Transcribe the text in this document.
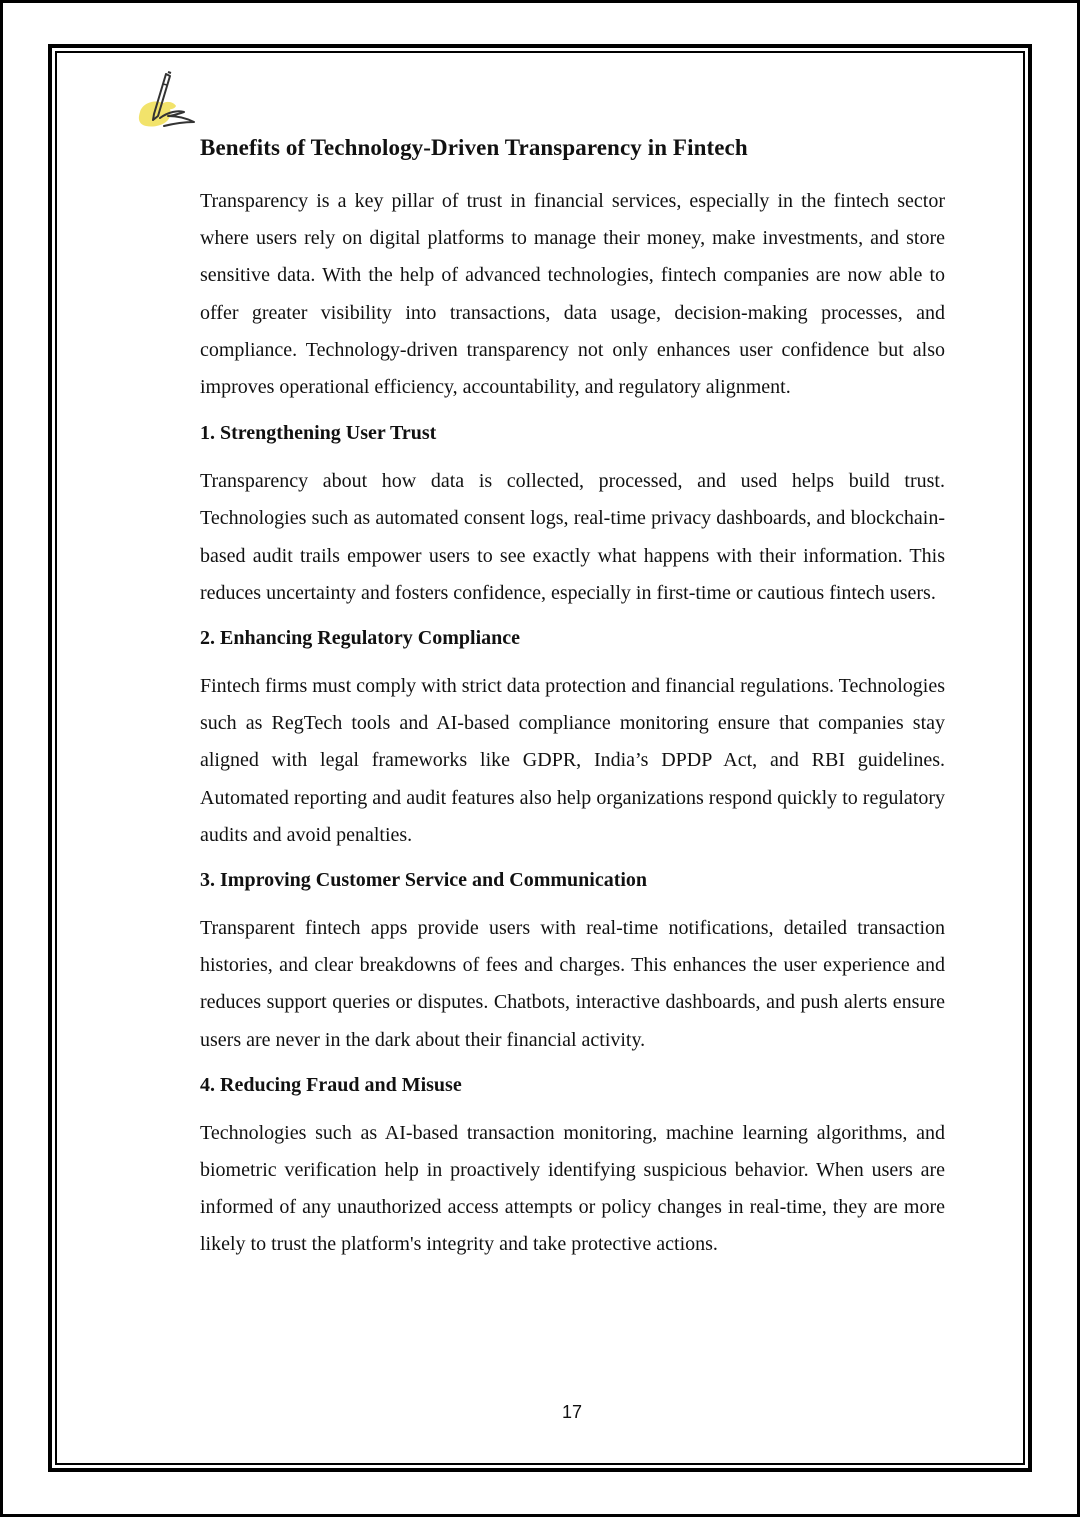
Benefits of Technology-Driven Transparency in Fintech

Transparency is a key pillar of trust in financial services, especially in the fintech sector where users rely on digital platforms to manage their money, make investments, and store sensitive data. With the help of advanced technologies, fintech companies are now able to offer greater visibility into transactions, data usage, decision-making processes, and compliance. Technology-driven transparency not only enhances user confidence but also improves operational efficiency, accountability, and regulatory alignment.

1. Strengthening User Trust

Transparency about how data is collected, processed, and used helps build trust. Technologies such as automated consent logs, real-time privacy dashboards, and blockchain-based audit trails empower users to see exactly what happens with their information. This reduces uncertainty and fosters confidence, especially in first-time or cautious fintech users.

2. Enhancing Regulatory Compliance

Fintech firms must comply with strict data protection and financial regulations. Technologies such as RegTech tools and AI-based compliance monitoring ensure that companies stay aligned with legal frameworks like GDPR, India’s DPDP Act, and RBI guidelines. Automated reporting and audit features also help organizations respond quickly to regulatory audits and avoid penalties.

3. Improving Customer Service and Communication

Transparent fintech apps provide users with real-time notifications, detailed transaction histories, and clear breakdowns of fees and charges. This enhances the user experience and reduces support queries or disputes. Chatbots, interactive dashboards, and push alerts ensure users are never in the dark about their financial activity.

4. Reducing Fraud and Misuse

Technologies such as AI-based transaction monitoring, machine learning algorithms, and biometric verification help in proactively identifying suspicious behavior. When users are informed of any unauthorized access attempts or policy changes in real-time, they are more likely to trust the platform's integrity and take protective actions.

17
